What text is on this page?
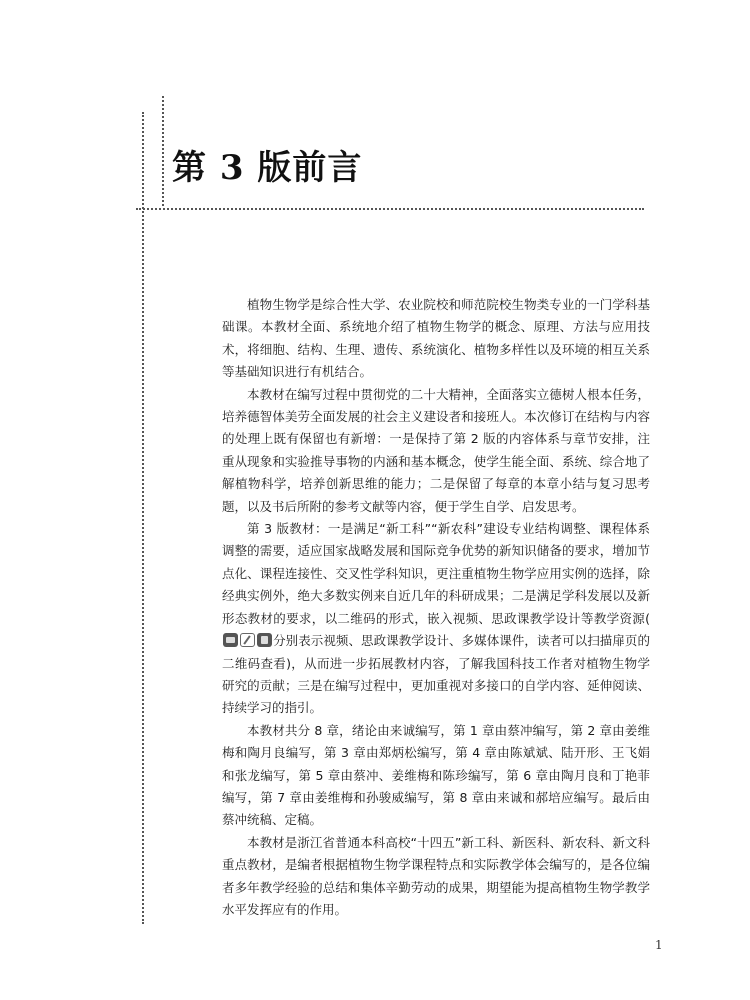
第 3 版前言

植物生物学是综合性大学、农业院校和师范院校生物类专业的一门学科基础课。本教材全面、系统地介绍了植物生物学的概念、原理、方法与应用技术，将细胞、结构、生理、遗传、系统演化、植物多样性以及环境的相互关系等基础知识进行有机结合。

本教材在编写过程中贯彻党的二十大精神，全面落实立德树人根本任务，培养德智体美劳全面发展的社会主义建设者和接班人。本次修订在结构与内容的处理上既有保留也有新增：一是保持了第 2 版的内容体系与章节安排，注重从现象和实验推导事物的内涵和基本概念，使学生能全面、系统、综合地了解植物科学，培养创新思维的能力；二是保留了每章的本章小结与复习思考题，以及书后所附的参考文献等内容，便于学生自学、启发思考。

第 3 版教材：一是满足“新工科”“新农科”建设专业结构调整、课程体系调整的需要，适应国家战略发展和国际竞争优势的新知识储备的要求，增加节点化、课程连接性、交叉性学科知识，更注重植物生物学应用实例的选择，除经典实例外，绝大多数实例来自近几年的科研成果；二是满足学科发展以及新形态教材的要求，以二维码的形式，嵌入视频、思政课教学设计等教学资源(分别表示视频、思政课教学设计、多媒体课件，读者可以扫描扉页的二维码查看)，从而进一步拓展教材内容，了解我国科技工作者对植物生物学研究的贡献；三是在编写过程中，更加重视对多接口的自学内容、延伸阅读、持续学习的指引。

本教材共分 8 章，绪论由来诚编写，第 1 章由蔡冲编写，第 2 章由姜维梅和陶月良编写，第 3 章由郑炳松编写，第 4 章由陈斌斌、陆开形、王飞娟和张龙编写，第 5 章由蔡冲、姜维梅和陈珍编写，第 6 章由陶月良和丁艳菲编写，第 7 章由姜维梅和孙骏威编写，第 8 章由来诚和郝培应编写。最后由蔡冲统稿、定稿。

本教材是浙江省普通本科高校“十四五”新工科、新医科、新农科、新文科重点教材，是编者根据植物生物学课程特点和实际教学体会编写的，是各位编者多年教学经验的总结和集体辛勤劳动的成果，期望能为提高植物生物学教学水平发挥应有的作用。

1
